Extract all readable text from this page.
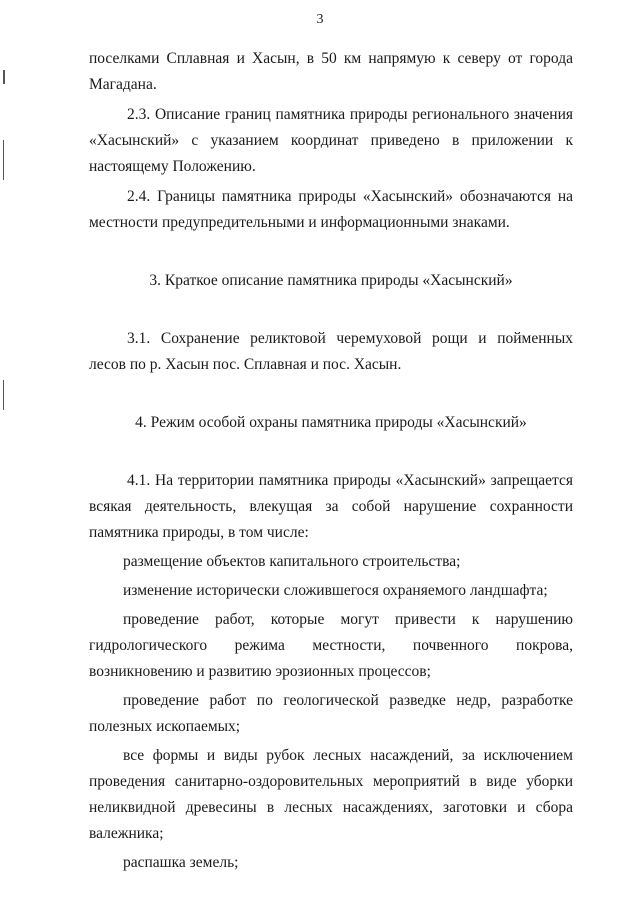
3

поселками Сплавная и Хасын, в 50 км напрямую к северу от города Магадана.

2.3. Описание границ памятника природы регионального значения «Хасынский» с указанием координат приведено в приложении к настоящему Положению.

2.4. Границы памятника природы «Хасынский» обозначаются на местности предупредительными и информационными знаками.

3. Краткое описание памятника природы «Хасынский»

3.1. Сохранение реликтовой черемуховой рощи и пойменных лесов по р. Хасын пос. Сплавная и пос. Хасын.

4. Режим особой охраны памятника природы «Хасынский»

4.1. На территории памятника природы «Хасынский» запрещается всякая деятельность, влекущая за собой нарушение сохранности памятника природы, в том числе:

размещение объектов капитального строительства;

изменение исторически сложившегося охраняемого ландшафта;

проведение работ, которые могут привести к нарушению гидрологического режима местности, почвенного покрова, возникновению и развитию эрозионных процессов;

проведение работ по геологической разведке недр, разработке полезных ископаемых;

все формы и виды рубок лесных насаждений, за исключением проведения санитарно-оздоровительных мероприятий в виде уборки неликвидной древесины в лесных насаждениях, заготовки и сбора валежника;

распашка земель;
